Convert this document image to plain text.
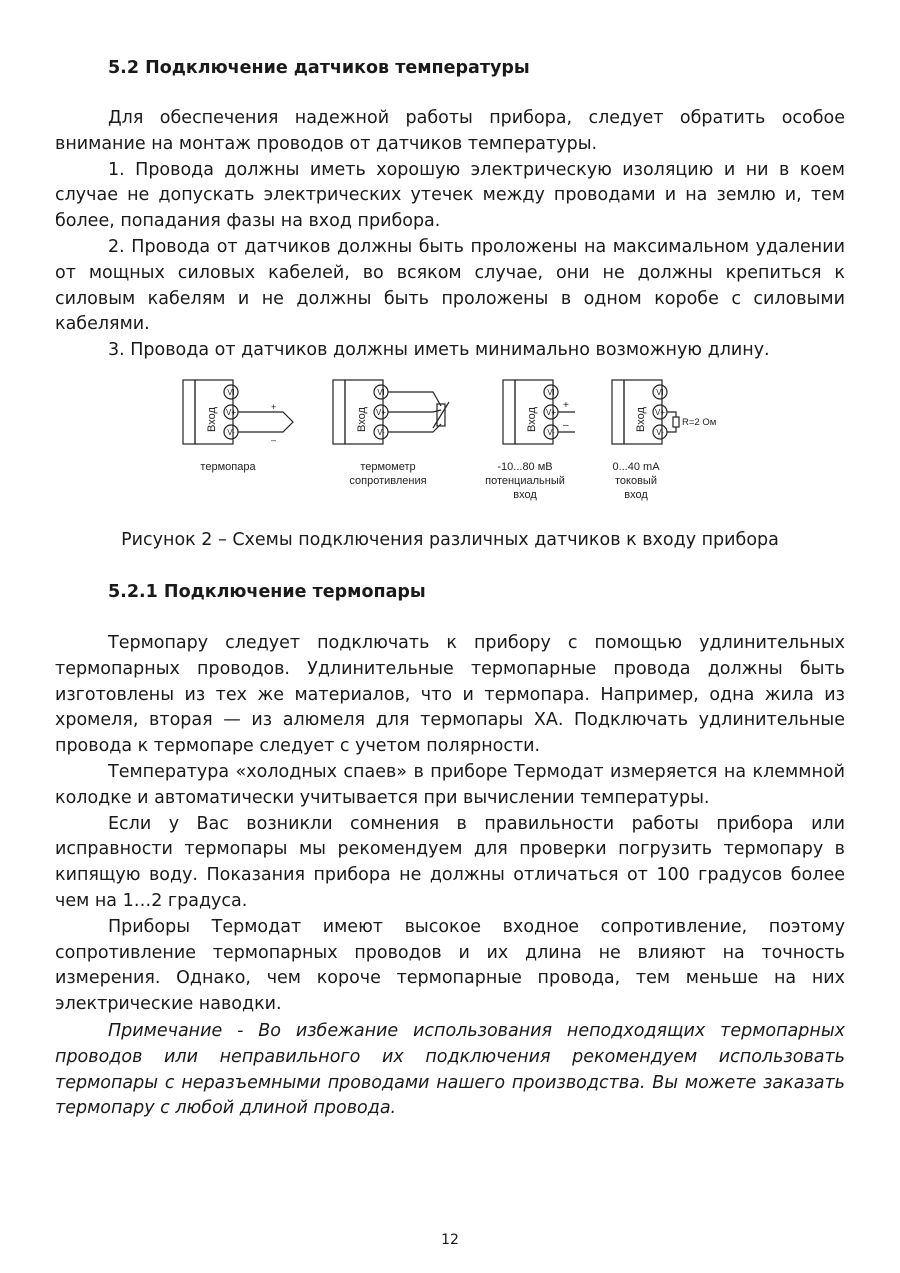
5.2 Подключение датчиков температуры

Для обеспечения надежной работы прибора, следует обратить особое внимание на монтаж проводов от датчиков температуры.

1. Провода должны иметь хорошую электрическую изоляцию и ни в коем случае не допускать электрических утечек между проводами и на землю и, тем более, попадания фазы на вход прибора.

2. Провода от датчиков должны быть проложены на максимальном удалении от мощных силовых кабелей, во всяком случае, они не должны крепиться к силовым кабелям и не должны быть проложены в одном коробе с силовыми кабелями.

3. Провода от датчиков должны иметь минимально возможную длину.

VI
V+
V-
Вход
+
–
термопара
VI
V+
V-
Вход
термометр
сопротивления
VI
V+
V-
Вход
+
–
-10...80 мВ
потенциальный
вход
VI
V+
V-
Вход	R=2 Ом
0...40 mA
токовый
вход
Рисунок 2 – Схемы подключения различных датчиков к входу прибора
5.2.1 Подключение термопары

Термопару следует подключать к прибору с помощью удлинительных термопарных проводов. Удлинительные термопарные провода должны быть изготовлены из тех же материалов, что и термопара. Например, одна жила из хромеля, вторая — из алюмеля для термопары ХА. Подключать удлинительные провода к термопаре следует с учетом полярности.

Температура «холодных спаев» в приборе Термодат измеряется на клеммной колодке и автоматически учитывается при вычислении температуры.

Если у Вас возникли сомнения в правильности работы прибора или исправности термопары мы рекомендуем для проверки погрузить термопару в кипящую воду. Показания прибора не должны отличаться от 100 градусов более чем на 1…2 градуса.

Приборы Термодат имеют высокое входное сопротивление, поэтому сопротивление термопарных проводов и их длина не влияют на точность измерения. Однако, чем короче термопарные провода, тем меньше на них электрические наводки.

Примечание - Во избежание использования неподходящих термопарных проводов или неправильного их подключения рекомендуем использовать термопары с неразъемными проводами нашего производства. Вы можете заказать термопару с любой длиной провода.

12
